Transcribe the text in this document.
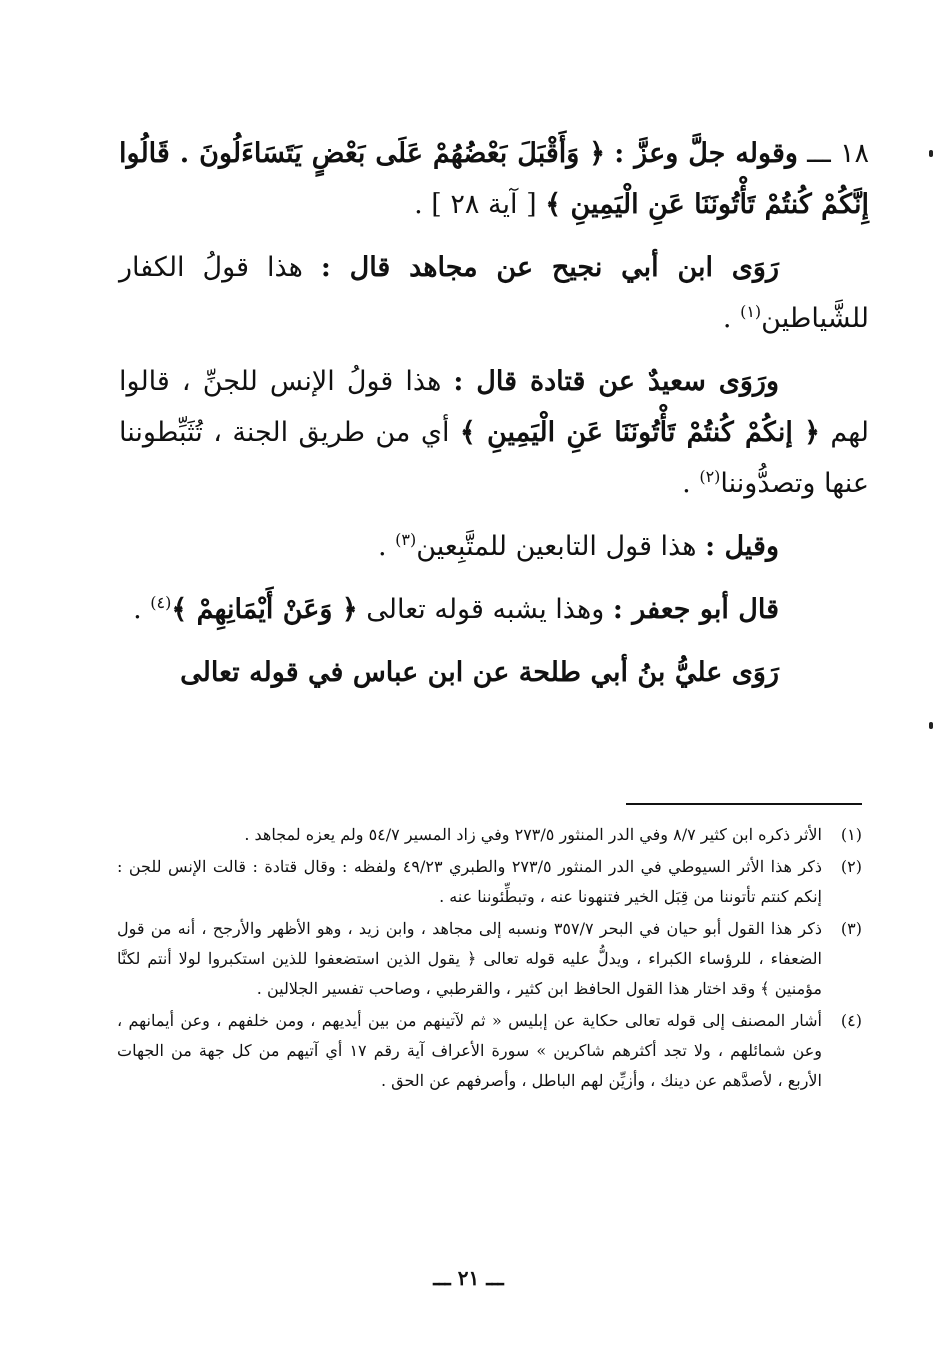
١٨ ـــ وقوله جلَّ وعزَّ : ﴿ وَأَقْبَلَ بَعْضُهُمْ عَلَى بَعْضٍ يَتَسَاءَلُونَ . قَالُوا إِنَّكُمْ كُنتُمْ تَأْتُونَنَا عَنِ الْيَمِينِ ﴾ [ آية ٢٨ ] .

رَوَى ابن أبي نجيح عن مجاهد قال : هذا قولُ الكفار للشَّياطين$^{(١)}$ .

ورَوَى سعيدٌ عن قتادة قال : هذا قولُ الإنس للجنِّ ، قالوا لهم ﴿ إنكُمْ كُنتُمْ تَأْتُونَنَا عَنِ الْيَمِينِ ﴾ أي من طريق الجنة ، تُثَبِّطوننا عنها وتصدُّوننا$^{(٢)}$ .

وقيل : هذا قول التابعين للمتَّبِعين$^{(٣)}$ .

قال أبو جعفر : وهذا يشبه قوله تعالى ﴿ وَعَنْ أَيْمَانِهِمْ ﴾$^{(٤)}$ .

رَوَى عليُّ بنُ أبي طلحة عن ابن عباس في قوله تعالى

(١)
الأثر ذكره ابن كثير ٨/٧ وفي الدر المنثور ٢٧٣/٥ وفي زاد المسير ٥٤/٧ ولم يعزه لمجاهد .
(٢)
ذكر هذا الأثر السيوطي في الدر المنثور ٢٧٣/٥ والطبري ٤٩/٢٣ ولفظه : وقال قتادة : قالت الإنس للجن : إنكم كنتم تأتوننا من قِبَل الخير فتنهونا عنه ، وتبطِّئوننا عنه .
(٣)
ذكر هذا القول أبو حيان في البحر ٣٥٧/٧ ونسبه إلى مجاهد ، وابن زيد ، وهو الأظهر والأرجح ، أنه من قول الضعفاء ، للرؤساء الكبراء ، ويدلُّ عليه قوله تعالى ﴿ يقول الذين استضعفوا للذين استكبروا لولا أنتم لكنَّا مؤمنين ﴾ وقد اختار هذا القول الحافظ ابن كثير ، والقرطبي ، وصاحب تفسير الجلالين .
(٤)
أشار المصنف إلى قوله تعالى حكاية عن إبليس « ثم لآتينهم من بين أيديهم ، ومن خلفهم ، وعن أيمانهم ، وعن شمائلهم ، ولا تجد أكثرهم شاكرين » سورة الأعراف آية رقم ١٧ أي آتيهم من كل جهة من الجهات الأربع ، لأصدَّهم عن دينك ، وأزيِّن لهم الباطل ، وأصرفهم عن الحق .
ـــ ٢١ ـــ
